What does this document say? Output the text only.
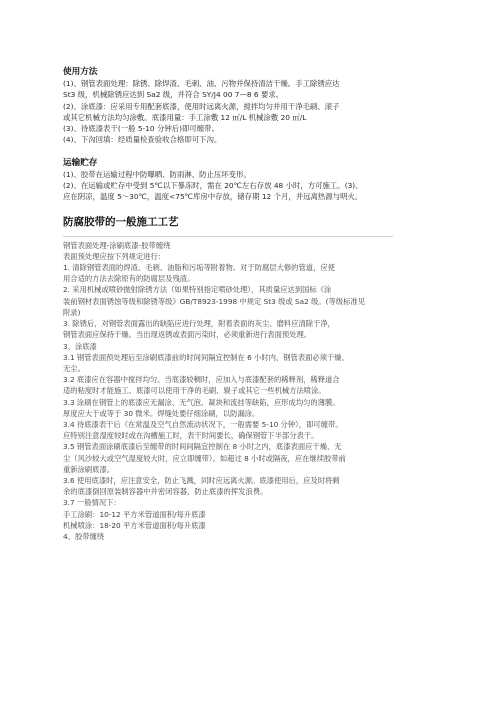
使用方法

(1)、钢管表面处理：除锈、除焊渣、毛刺、油、污物并保持清洁干燥。手工除锈应达

St3 级，机械除锈应达到 Sa2 级，并符合 SY/J4 00 7—8 6 要求。

(2)、涂底漆：应采用专用配套底漆，使用时远离火源，搅拌均匀并用干净毛刷、滚子

或其它机械方法均匀涂敷。底漆用量：手工涂敷 12 ㎡/L 机械涂敷 20 ㎡/L

(3)、待底漆表干(一般 5-10 分钟后)即可缠带。

(4)、下沟回填：经质量检查验收合格即可下沟。

运输贮存

(1)、胶带在运输过程中防曝晒、防雨淋、防止压坏变形。

(2)、在运输或贮存中受到 5℃以下暴冻时，需在 20℃左右存放 48 小时，方可施工。(3)、

应在阴凉，温度 5～30℃，温度<75℃库房中存放，储存期 12 个月，并远离热源与明火。

防腐胶带的一般施工工艺

钢管表面处理-涂刷底漆-胶带缠绕

表面预处理应按下列规定进行：

1. 清除钢管表面的焊渣、毛刺、油脂和污垢等附着物。对于防腐层大修的管道，应使

用合适的方法去除原有的防腐层及残渣。

2. 采用机械或喷砂抛射除锈方法（如果特别指定喷砂处理），其质量应达到国标《涂

装前钢材表面锈蚀等级和除锈等级》GB/T8923-1998 中规定 St3 级或 Sa2 级。(等级标准见

附录)

3. 除锈后，对钢管表面露出的缺陷应进行处理，附着表面的灰尘、磨料应清除干净，

钢管表面应保持干燥。当出现返锈或表面污染时，必须重新进行表面预处理。

3、涂底漆

3.1 钢管表面预处理后至涂刷底漆前的时间间隔宜控制在 6 小时内，钢管表面必须干燥、

无尘。

3.2 底漆应在容器中搅拌均匀。当底漆较稠时，应加入与底漆配套的稀释剂，稀释道合

适的粘度时才能施工。底漆可以使用干净的毛刷、辊子或其它一些机械方法喷涂。

3.3 涂刷在钢管上的底漆应无漏涂、无气泡、凝块和流挂等缺陷，应形成均匀的薄膜。

厚度应大于或等于 30 微米。焊缝处要仔细涂刷，以防漏涂。

3.4 待底漆表干后（在常温及空气自然流动状况下，一般需要 5-10 分钟），即可缠带。

应特别注意湿度较时或在沟槽施工时，表干时间要长，确保钢管下半部分表干。

3.5 钢管表面涂刷底漆后至缠带的时间间隔宜控制在 8 小时之内，底漆表面应干燥、无

尘（风沙较大或空气湿度较大时，应立即缠带）。如超过 8 小时或隔夜，应在继续胶带前

重新涂刷底漆。

3.6 使用底漆时，应注意安全，防止飞溅，同时应远离火源。底漆使用后，应及时将剩

余的底漆倒回原装制容器中并密闭容器，防止底漆的挥发浪费。

3.7 一般情况下：

手工涂刷：10-12 平方米管道面积/每升底漆

机械喷涂：18-20 平方米管道面积/每升底漆

4、胶带缠绕
